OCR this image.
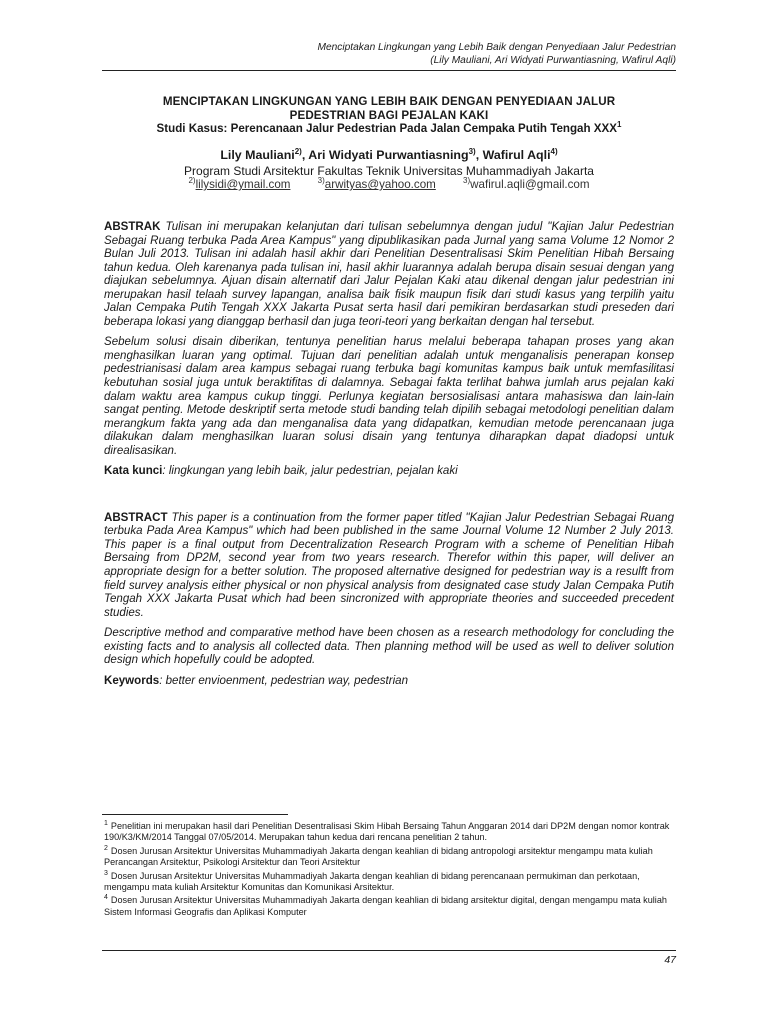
Menciptakan Lingkungan yang Lebih Baik dengan Penyediaan Jalur Pedestrian
(Lily Mauliani, Ari Widyati Purwantiasning, Wafirul Aqli)
MENCIPTAKAN LINGKUNGAN YANG LEBIH BAIK DENGAN PENYEDIAAN JALUR
PEDESTRIAN BAGI PEJALAN KAKI
Studi Kasus: Perencanaan Jalur Pedestrian Pada Jalan Cempaka Putih Tengah XXX$^1$
Lily Mauliani$^{2)}$, Ari Widyati Purwantiasning$^{3)}$, Wafirul Aqli$^{4)}$
Program Studi Arsitektur Fakultas Teknik Universitas Muhammadiyah Jakarta
$^{2)}$lilysidi@ymail.com	$^{3)}$arwityas@yahoo.com	$^{3)}$wafirul.aqli@gmail.com

ABSTRAK Tulisan ini merupakan kelanjutan dari tulisan sebelumnya dengan judul "Kajian Jalur Pedestrian Sebagai Ruang terbuka Pada Area Kampus" yang dipublikasikan pada Jurnal yang sama Volume 12 Nomor 2 Bulan Juli 2013. Tulisan ini adalah hasil akhir dari Penelitian Desentralisasi Skim Penelitian Hibah Bersaing tahun kedua. Oleh karenanya pada tulisan ini, hasil akhir luarannya adalah berupa disain sesuai dengan yang diajukan sebelumnya. Ajuan disain alternatif dari Jalur Pejalan Kaki atau dikenal dengan jalur pedestrian ini merupakan hasil telaah survey lapangan, analisa baik fisik maupun fisik dari studi kasus yang terpilih yaitu Jalan Cempaka Putih Tengah XXX Jakarta Pusat serta hasil dari pemikiran berdasarkan studi preseden dari beberapa lokasi yang dianggap berhasil dan juga teori-teori yang berkaitan dengan hal tersebut.

Sebelum solusi disain diberikan, tentunya penelitian harus melalui beberapa tahapan proses yang akan menghasilkan luaran yang optimal. Tujuan dari penelitian adalah untuk menganalisis penerapan konsep pedestrianisasi dalam area kampus sebagai ruang terbuka bagi komunitas kampus baik untuk memfasilitasi kebutuhan sosial juga untuk beraktifitas di dalamnya. Sebagai fakta terlihat bahwa jumlah arus pejalan kaki dalam waktu area kampus cukup tinggi. Perlunya kegiatan bersosialisasi antara mahasiswa dan lain-lain sangat penting. Metode deskriptif serta metode studi banding telah dipilih sebagai metodologi penelitian dalam merangkum fakta yang ada dan menganalisa data yang didapatkan, kemudian metode perencanaan juga dilakukan dalam menghasilkan luaran solusi disain yang tentunya diharapkan dapat diadopsi untuk direalisasikan.

Kata kunci: lingkungan yang lebih baik, jalur pedestrian, pejalan kaki

ABSTRACT This paper is a continuation from the former paper titled "Kajian Jalur Pedestrian Sebagai Ruang terbuka Pada Area Kampus" which had been published in the same Journal Volume 12 Number 2 July 2013. This paper is a final output from Decentralization Research Program with a scheme of Penelitian Hibah Bersaing from DP2M, second year from two years research. Therefor within this paper, will deliver an appropriate design for a better solution. The proposed alternative designed for pedestrian way is a resulft from field survey analysis either physical or non physical analysis from designated case study Jalan Cempaka Putih Tengah XXX Jakarta Pusat which had been sincronized with appropriate theories and succeeded precedent studies.

Descriptive method and comparative method have been chosen as a research methodology for concluding the existing facts and to analysis all collected data. Then planning method will be used as well to deliver solution design which hopefully could be adopted.

Keywords: better envioenment, pedestrian way, pedestrian

$^1$ Penelitian ini merupakan hasil dari Penelitian Desentralisasi Skim Hibah Bersaing Tahun Anggaran 2014 dari DP2M dengan nomor kontrak 190/K3/KM/2014 Tanggal 07/05/2014. Merupakan tahun kedua dari rencana penelitian 2 tahun.
$^2$ Dosen Jurusan Arsitektur Universitas Muhammadiyah Jakarta dengan keahlian di bidang antropologi arsitektur mengampu mata kuliah Perancangan Arsitektur, Psikologi Arsitektur dan Teori Arsitektur
$^3$ Dosen Jurusan Arsitektur Universitas Muhammadiyah Jakarta dengan keahlian di bidang perencanaan permukiman dan perkotaan, mengampu mata kuliah Arsitektur Komunitas dan Komunikasi Arsitektur.
$^4$ Dosen Jurusan Arsitektur Universitas Muhammadiyah Jakarta dengan keahlian di bidang arsitektur digital, dengan mengampu mata kuliah Sistem Informasi Geografis dan Aplikasi Komputer
47
